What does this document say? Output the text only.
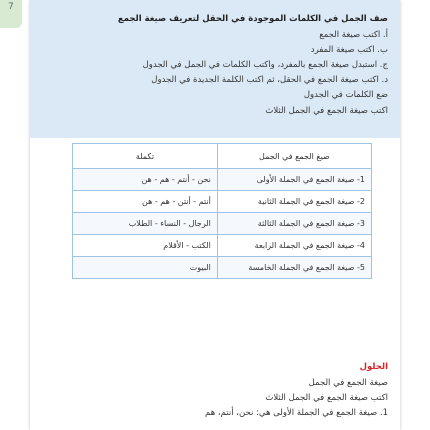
7
صف الجمل في الكلمات الموجودة في الحقل لتعريف صيغة الجمع
أ. اكتب صيغة الجمع
ب. اكتب صيغة المفرد
ج. استبدل صيغة الجمع بالمفرد، واكتب الكلمات في الجمل في الجدول
د. اكتب صيغة الجمع في الحقل، ثم اكتب الكلمة الجديدة في الجدول
ضع الكلمات في الجدول
اكتب صيغة الجمع في الجمل الثلاث
صيغ الجمع في الجمل	تكملة
1- صيغة الجمع في الجملة الأولى	نحن - أنتم - هم - هن
2- صيغة الجمع في الجملة الثانية	أنتم - أنتن - هم - هن
3- صيغة الجمع في الجملة الثالثة	الرجال - النساء - الطلاب
4- صيغة الجمع في الجملة الرابعة	الكتب - الأقلام
5- صيغة الجمع في الجملة الخامسة	البيوت
الحلول
صيغة الجمع في الجمل
اكتب صيغة الجمع في الجمل الثلاث
1. صيغة الجمع في الجملة الأولى هي: نحن، أنتم، هم
